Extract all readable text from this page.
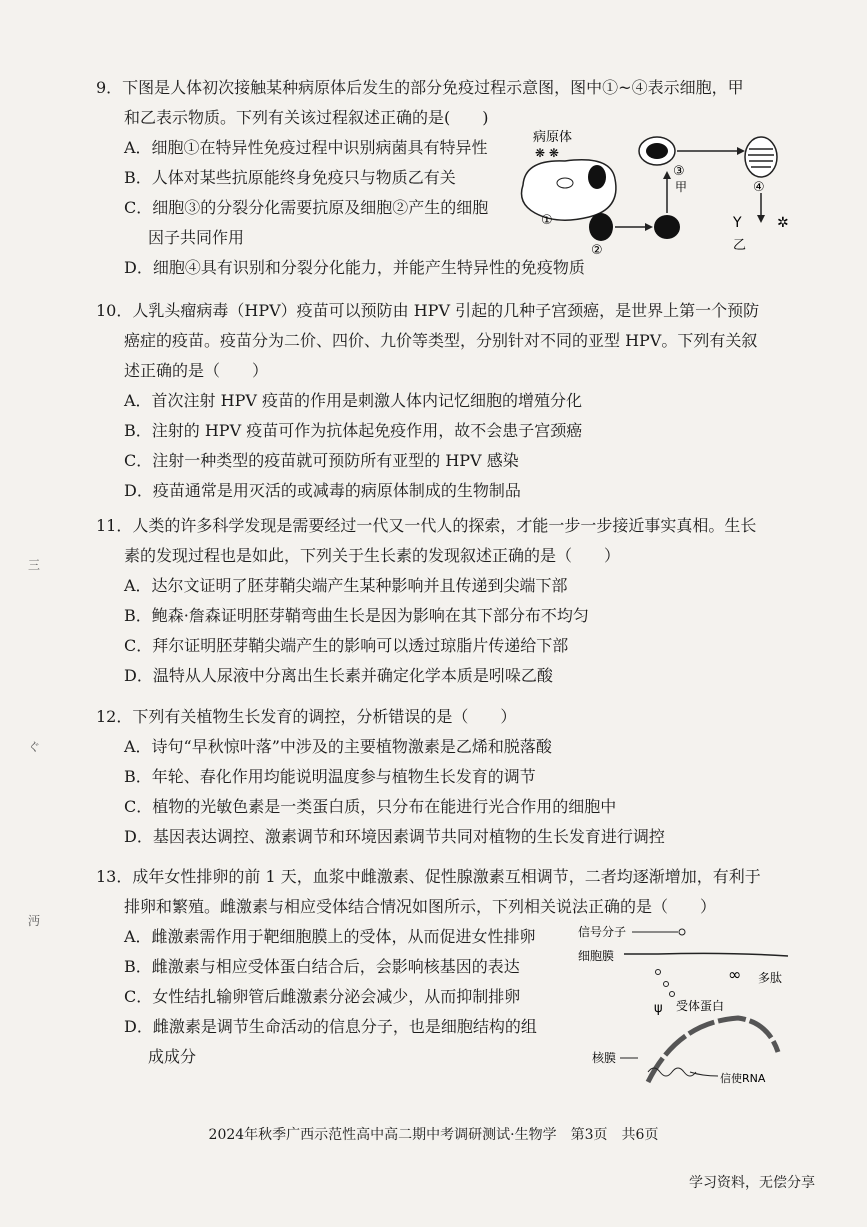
9．下图是人体初次接触某种病原体后发生的部分免疫过程示意图，图中①~④表示细胞，甲
和乙表示物质。下列有关该过程叙述正确的是(　　)
A．细胞①在特异性免疫过程中识别病菌具有特异性
B．人体对某些抗原能终身免疫只与物质乙有关
C．细胞③的分裂分化需要抗原及细胞②产生的细胞
因子共同作用
D．细胞④具有识别和分裂分化能力，并能产生特异性的免疫物质
病原体
❋ ❋
①
②
甲
③
④
Y	✲
乙
10．人乳头瘤病毒（HPV）疫苗可以预防由 HPV 引起的几种子宫颈癌，是世界上第一个预防
癌症的疫苗。疫苗分为二价、四价、九价等类型，分别针对不同的亚型 HPV。下列有关叙
述正确的是（　　）
A．首次注射 HPV 疫苗的作用是刺激人体内记忆细胞的增殖分化
B．注射的 HPV 疫苗可作为抗体起免疫作用，故不会患子宫颈癌
C．注射一种类型的疫苗就可预防所有亚型的 HPV 感染
D．疫苗通常是用灭活的或减毒的病原体制成的生物制品
11．人类的许多科学发现是需要经过一代又一代人的探索，才能一步一步接近事实真相。生长
素的发现过程也是如此，下列关于生长素的发现叙述正确的是（　　）
A．达尔文证明了胚芽鞘尖端产生某种影响并且传递到尖端下部
B．鲍森·詹森证明胚芽鞘弯曲生长是因为影响在其下部分布不均匀
C．拜尔证明胚芽鞘尖端产生的影响可以透过琼脂片传递给下部
D．温特从人尿液中分离出生长素并确定化学本质是吲哚乙酸
12．下列有关植物生长发育的调控，分析错误的是（　　）
A．诗句“早秋惊叶落”中涉及的主要植物激素是乙烯和脱落酸
B．年轮、春化作用均能说明温度参与植物生长发育的调节
C．植物的光敏色素是一类蛋白质，只分布在能进行光合作用的细胞中
D．基因表达调控、激素调节和环境因素调节共同对植物的生长发育进行调控
13．成年女性排卵的前 1 天，血浆中雌激素、促性腺激素互相调节，二者均逐渐增加，有利于
排卵和繁殖。雌激素与相应受体结合情况如图所示，下列相关说法正确的是（　　）
A．雌激素需作用于靶细胞膜上的受体，从而促进女性排卵
B．雌激素与相应受体蛋白结合后，会影响核基因的表达
C．女性结扎输卵管后雌激素分泌会减少，从而抑制排卵
D．雌激素是调节生命活动的信息分子，也是细胞结构的组
成成分
信号分子
细胞膜
∞ 多肽
ψ 受体蛋白
核膜
信使RNA
三
ぐ
沔
2024年秋季广西示范性高中高二期中考调研测试·生物学　第3页　共6页
学习资料，无偿分享
